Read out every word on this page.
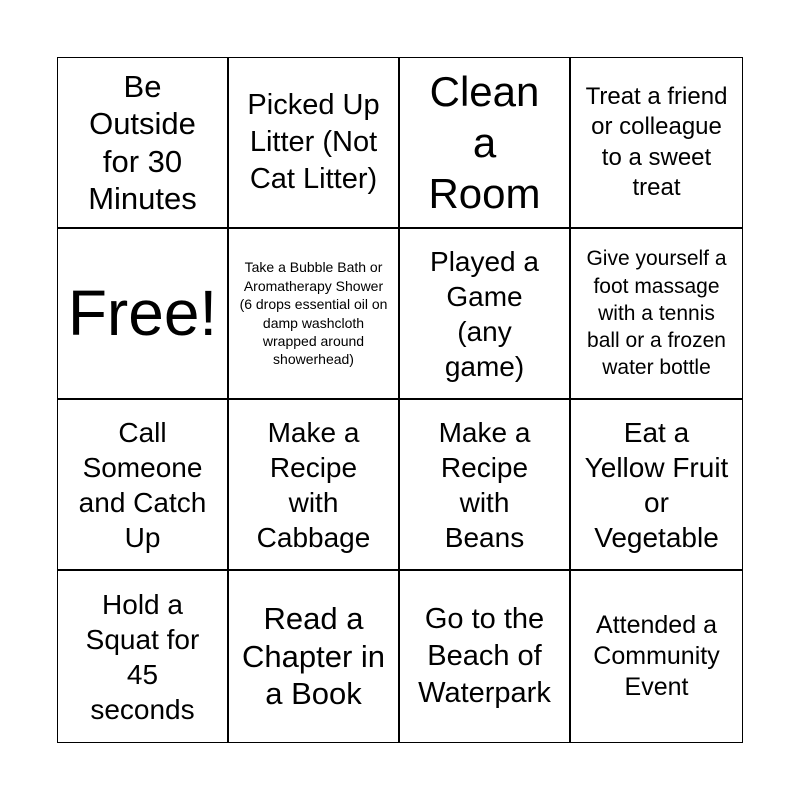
Be Outside for 30 Minutes
Picked Up Litter (Not Cat Litter)
Clean a Room
Treat a friend or colleague to a sweet treat
Free!
Take a Bubble Bath or Aromatherapy Shower (6 drops essential oil on damp washcloth wrapped around showerhead)
Played a Game (any game)
Give yourself a foot massage with a tennis ball or a frozen water bottle
Call Someone and Catch Up
Make a Recipe with Cabbage
Make a Recipe with Beans
Eat a Yellow Fruit or Vegetable
Hold a Squat for 45 seconds
Read a Chapter in a Book
Go to the Beach of Waterpark
Attended a Community Event
